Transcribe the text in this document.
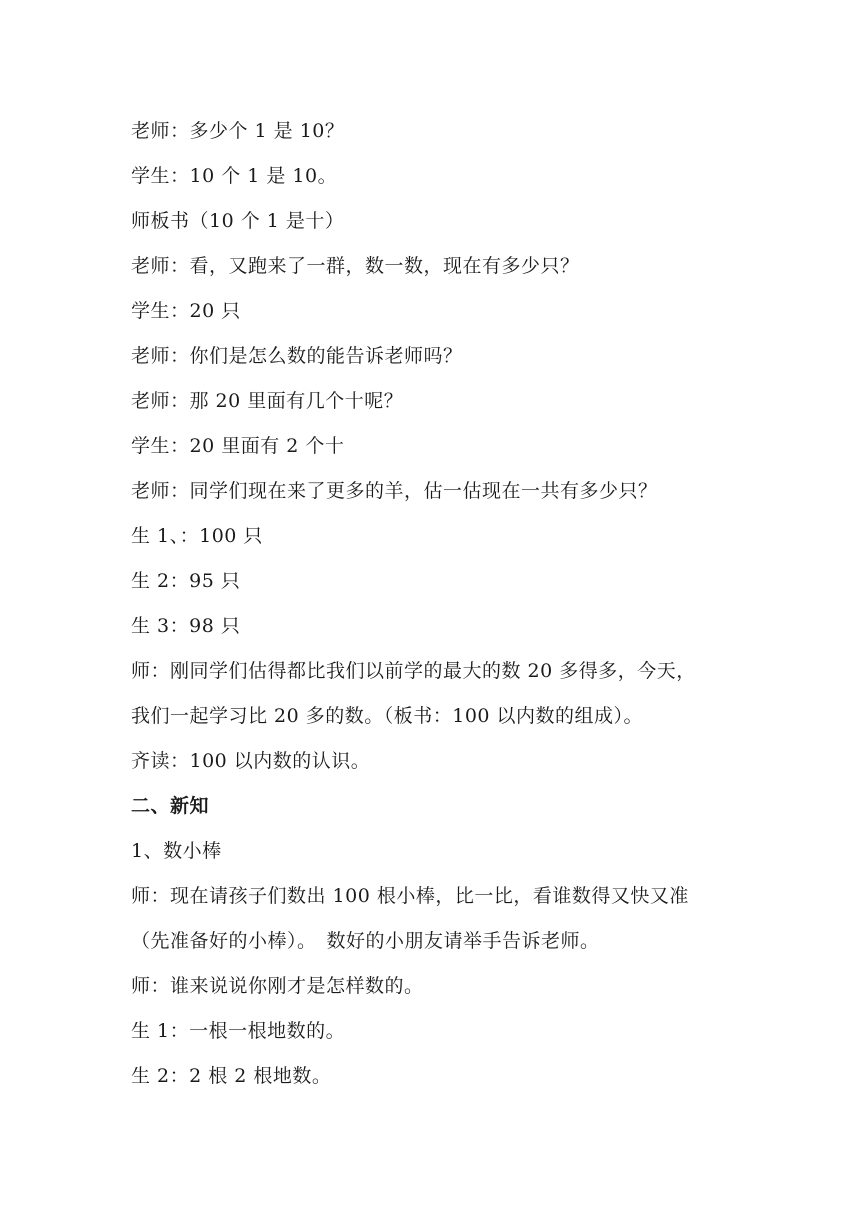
老师：多少个 1 是 10？
学生：10 个 1 是 10。
师板书（10 个 1 是十）
老师：看，又跑来了一群，数一数，现在有多少只？
学生：20 只
老师：你们是怎么数的能告诉老师吗？
老师：那 20 里面有几个十呢？
学生：20 里面有 2 个十
老师：同学们现在来了更多的羊，估一估现在一共有多少只？
生 1、：100 只
生 2：95 只
生 3：98 只
师：刚同学们估得都比我们以前学的最大的数 20 多得多，今天，
我们一起学习比 20 多的数。（板书：100 以内数的组成）。
齐读：100 以内数的认识。
二、新知
1、数小棒
师：现在请孩子们数出 100 根小棒，比一比，看谁数得又快又准
（先准备好的小棒）。　数好的小朋友请举手告诉老师。
师：谁来说说你刚才是怎样数的。
生 1：一根一根地数的。
生 2：2 根 2 根地数。
